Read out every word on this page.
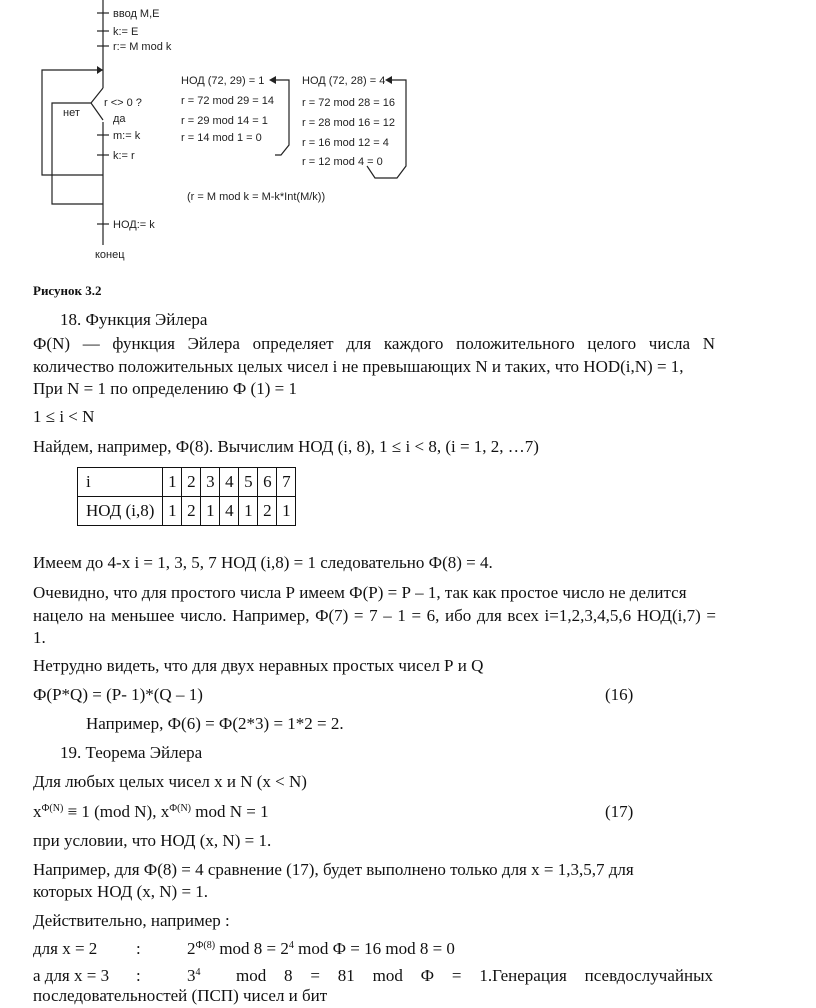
ввод M,E
k:= E
r:= M mod k
r <> 0 ?
нет	да
m:= k
k:= r
НОД:= k
конец
НОД (72, 29) = 1
r = 72 mod 29 = 14
r = 29 mod 14 = 1
r = 14 mod 1 = 0
НОД (72, 28) = 4
r = 72 mod 28 = 16
r = 28 mod 16 = 12
r = 16 mod 12 = 4
r = 12 mod 4 = 0
(r = M mod k = M-k*Int(M/k))
Рисунок 3.2
18. Функция Эйлера
Ф(N) — функция Эйлера определяет для каждого положительного целого числа N
количество положительных целых чисел i не превышающих N и таких, что НОD(i,N) = 1,
При N = 1 по определению Ф (1) = 1
1 ≤ i < N
Найдем, например, Ф(8). Вычислим НОД (i, 8), 1 ≤ i < 8, (i = 1, 2, …7)
i	1	2	3	4	5	6	7
НОД (i,8)	1	2	1	4	1	2	1
Имеем до 4-х i = 1, 3, 5, 7 НОД (i,8) = 1 следовательно Ф(8) = 4.
Очевидно, что для простого числа Р имеем Ф(Р) = Р – 1, так как простое число не делится
нацело на меньшее число. Например, Ф(7) = 7 – 1 = 6, ибо для всех i=1,2,3,4,5,6 НОД(i,7) =
1.
Нетрудно видеть, что для двух неравных простых чисел Р и Q
Ф(Р*Q) = (Р- 1)*(Q – 1)	(16)
Например, Ф(6) = Ф(2*3) = 1*2 = 2.
19. Теорема Эйлера
Для любых целых чисел x и N (x < N)
$x^{Ф(N)} \equiv 1$ (mod N), $x^{Ф(N)}$ mod N = 1	(17)
при условии, что НОД (x, N) = 1.
Например, для Ф(8) = 4 сравнение (17), будет выполнено только для x = 1,3,5,7 для
которых НОД (x, N) = 1.
Действительно, например :
для x = 2 :	$2^{Ф(8)}$ mod $8 = 2^4$ mod Ф = 16 mod 8 = 0
а для x = 3 :	$3^4$ mod 8 = 81 mod Ф = 1.Генерация псевдослучайных
последовательностей (ПСП) чисел и бит
